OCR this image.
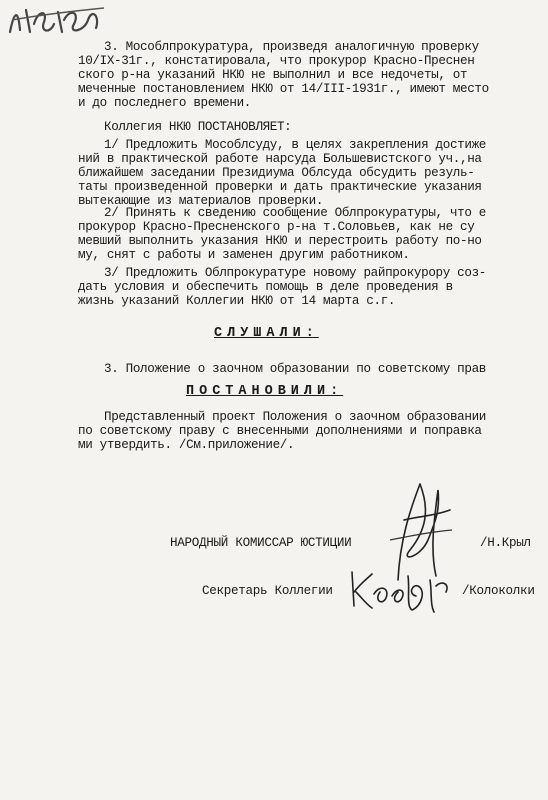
3. Мособлпрокуратура, произведя аналогичную проверку
10/IX-31г., констатировала, что прокурор Красно-Преснен
ского р-на указаний НКЮ не выполнил и все недочеты, от
меченные постановлением НКЮ от 14/III-1931г., имеют место
и до последнего времени.
Коллегия НКЮ ПОСТАНОВЛЯЕТ:
1/ Предложить Мособлсуду, в целях закрепления достиже
ний в практической работе нарсуда Большевистского уч.,на
ближайшем заседании Президиума Облсуда обсудить резуль-
таты произведенной проверки и дать практические указания
вытекающие из материалов проверки.
2/ Принять к сведению сообщение Облпрокуратуры, что е
прокурор Красно-Пресненского р-на т.Соловьев, как не су
мевший выполнить указания НКЮ и перестроить работу по-но
му, снят с работы и заменен другим работником.
3/ Предложить Облпрокуратуре новому райпрокурору соз-
дать условия и обеспечить помощь в деле проведения в
жизнь указаний Коллегии НКЮ от 14 марта с.г.
СЛУШАЛИ:
3. Положение о заочном образовании по советскому прав
ПОСТАНОВИЛИ:
Представленный проект Положения о заочном образовании
по советскому праву с внесенными дополнениями и поправка
ми утвердить. /См.приложение/.
НАРОДНЫЙ КОМИССАР ЮСТИЦИИ	/Н.Крыл
Секретарь Коллегии	/Колоколки
